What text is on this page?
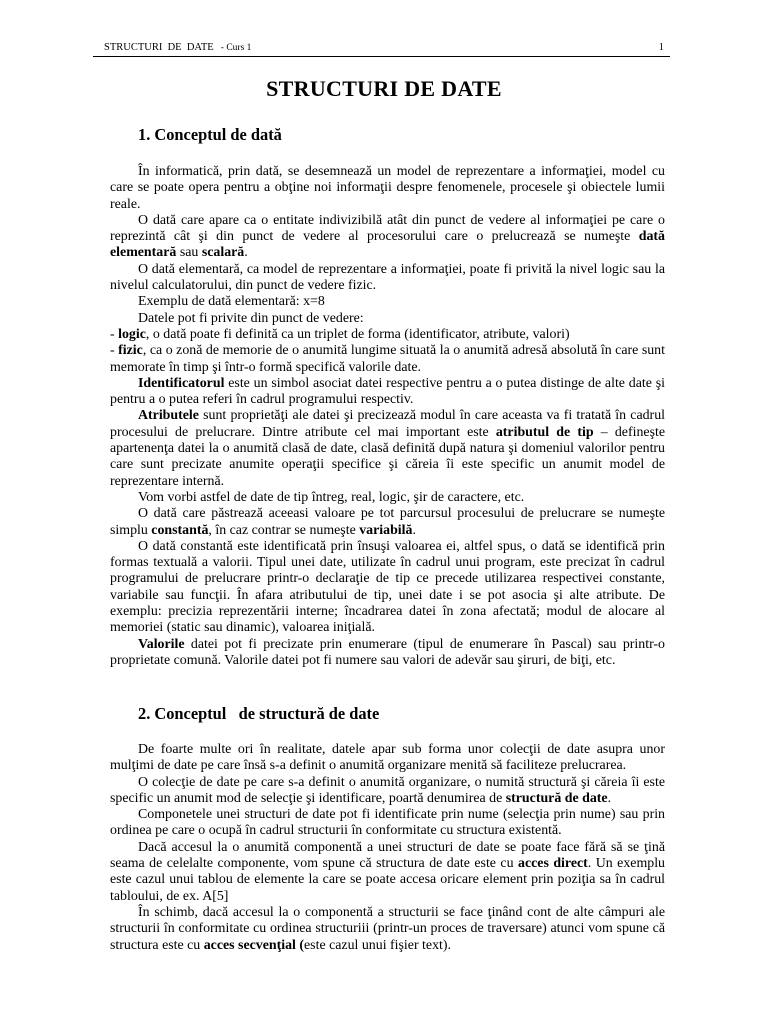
STRUCTURI  DE  DATE   - Curs 1	1
STRUCTURI DE DATE
1. Conceptul de dată

În informatică, prin dată, se desemnează un model de reprezentare a informaţiei, model cu care se poate opera pentru a obţine noi informaţii despre fenomenele, procesele şi obiectele lumii reale.

O dată care apare ca o entitate indivizibilă atât din punct de vedere al informaţiei pe care o reprezintă cât şi din punct de vedere al procesorului care o prelucrează se numeşte dată elementară sau scalară.

O dată elementară, ca model de reprezentare a informaţiei, poate fi privită la nivel logic sau la nivelul calculatorului, din punct de vedere fizic.

Exemplu de dată elementară: x=8

Datele pot fi privite din punct de vedere:

- logic, o dată poate fi definită ca un triplet de forma (identificator, atribute, valori)

- fizic, ca o zonă de memorie de o anumită lungime situată la o anumită adresă absolută în care sunt memorate în timp şi într-o formă specifică valorile date.

Identificatorul este un simbol asociat datei respective pentru a o putea distinge de alte date şi pentru a o putea referi în cadrul programului respectiv.

Atributele sunt proprietăţi ale datei şi precizează modul în care aceasta va fi tratată în cadrul procesului de prelucrare. Dintre atribute cel mai important este atributul de tip – defineşte apartenenţa datei la o anumită clasă de date, clasă definită după natura şi domeniul valorilor pentru care sunt precizate anumite operaţii specifice şi căreia îi este specific un anumit model de reprezentare internă.

Vom vorbi astfel de date de tip întreg, real, logic, şir de caractere, etc.

O dată care păstrează aceeasi valoare pe tot parcursul procesului de prelucrare se numeşte simplu constantă, în caz contrar se numeşte variabilă.

O dată constantă este identificată prin însuşi valoarea ei, altfel spus, o dată se identifică prin formas textuală a valorii. Tipul unei date, utilizate în cadrul unui program, este precizat în cadrul programului de prelucrare printr-o declaraţie de tip ce precede utilizarea respectivei constante, variabile sau funcţii. În afara atributului de tip, unei date i se pot asocia şi alte atribute. De exemplu: precizia reprezentării interne; încadrarea datei în zona afectată; modul de alocare al memoriei (static sau dinamic), valoarea iniţială.

Valorile datei pot fi precizate prin enumerare (tipul de enumerare în Pascal) sau printr-o proprietate comună. Valorile datei pot fi numere sau valori de adevăr sau şiruri, de biţi, etc.

2. Conceptul   de structură de date

De foarte multe ori în realitate, datele apar sub forma unor colecţii de date asupra unor mulţimi de date pe care însă s-a definit o anumită organizare menită să faciliteze prelucrarea.

O colecţie de date pe care s-a definit o anumită organizare, o numită structură şi căreia îi este specific un anumit mod de selecţie şi identificare, poartă denumirea de structură de date.

Componetele unei structuri de date pot fi identificate prin nume (selecţia prin nume) sau prin ordinea pe care o ocupă în cadrul structurii în conformitate cu structura existentă.

Dacă accesul la o anumită componentă a unei structuri de date se poate face fără să se ţină seama de celelalte componente, vom spune că structura de date este cu acces direct. Un exemplu este cazul unui tablou de elemente la care se poate accesa oricare element prin poziţia sa în cadrul tabloului, de ex. A[5]

În schimb, dacă accesul la o componentă a structurii se face ţinând cont de alte câmpuri ale structurii în conformitate cu ordinea structuriii (printr-un proces de traversare) atunci vom spune că structura este cu acces secvenţial (este cazul unui fişier text).
